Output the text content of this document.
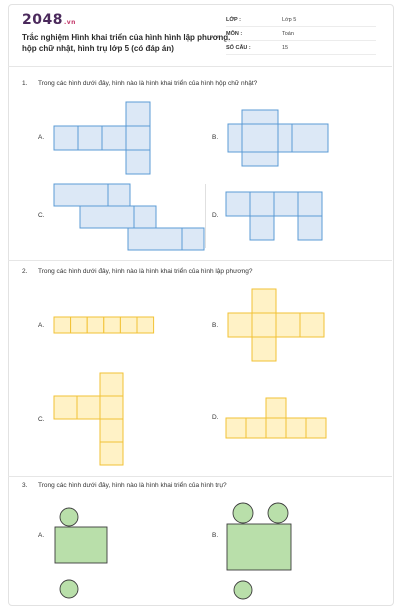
2048.vn
Trắc nghiệm Hình khai triển của hình hình lập phương, hộp chữ nhật, hình trụ lớp 5 (có đáp án)
LỚP :	Lớp 5
MÔN :	Toán
SỐ CÂU :	15
1. Trong các hình dưới đây, hình nào là hình khai triển của hình hộp chữ nhật?
A.	B.
C.	D.
2. Trong các hình dưới đây, hình nào là hình khai triển của hình lập phương?
A.	B.
C.	D.
3. Trong các hình dưới đây, hình nào là hình khai triển của hình trụ?
A.	B.
